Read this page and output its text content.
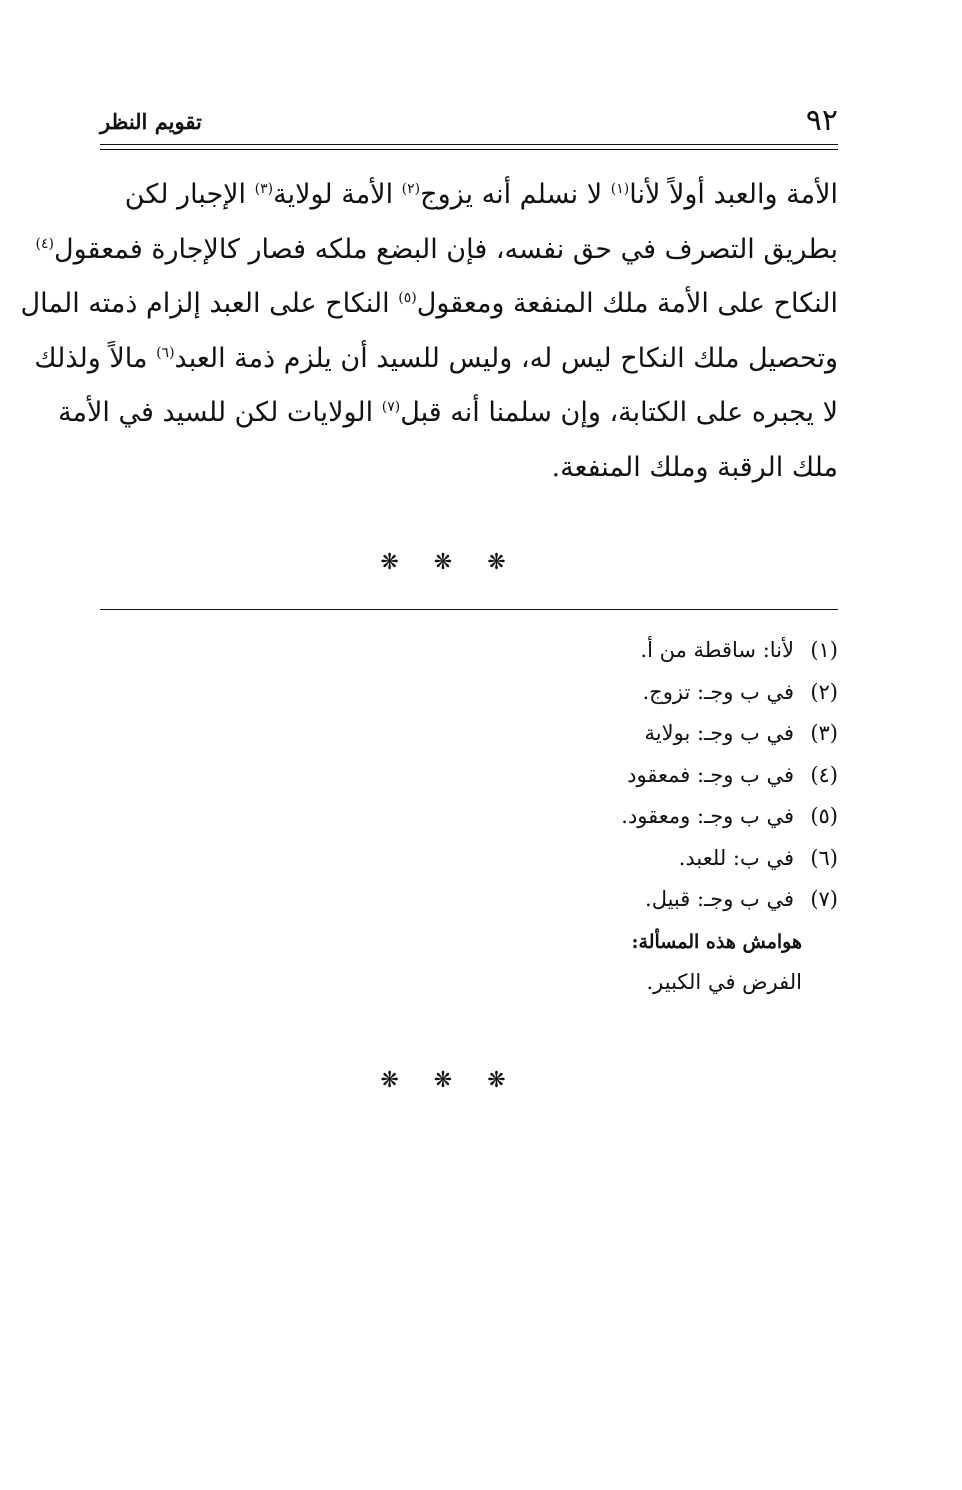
٩٢
تقويم النظر
الأمة والعبد أولاً لأنا$^{(١)}$ لا نسلم أنه يزوج$^{(٢)}$ الأمة لولاية$^{(٣)}$ الإجبار لكن
بطريق التصرف في حق نفسه، فإن البضع ملكه فصار كالإجارة فمعقول$^{(٤)}$
النكاح على الأمة ملك المنفعة ومعقول$^{(٥)}$ النكاح على العبد إلزام ذمته المال
وتحصيل ملك النكاح ليس له، وليس للسيد أن يلزم ذمة العبد$^{(٦)}$ مالاً ولذلك
لا يجبره على الكتابة، وإن سلمنا أنه قبل$^{(٧)}$ الولايات لكن للسيد في الأمة
ملك الرقبة وملك المنفعة.
❋ ❋ ❋
(١)لأنا: ساقطة من أ.
(٢)في ب وجـ: تزوج.
(٣)في ب وجـ: بولاية
(٤)في ب وجـ: فمعقود
(٥)في ب وجـ: ومعقود.
(٦)في ب: للعبد.
(٧)في ب وجـ: قبيل.
هوامش هذه المسألة:
الفرض في الكبير.
❋ ❋ ❋
